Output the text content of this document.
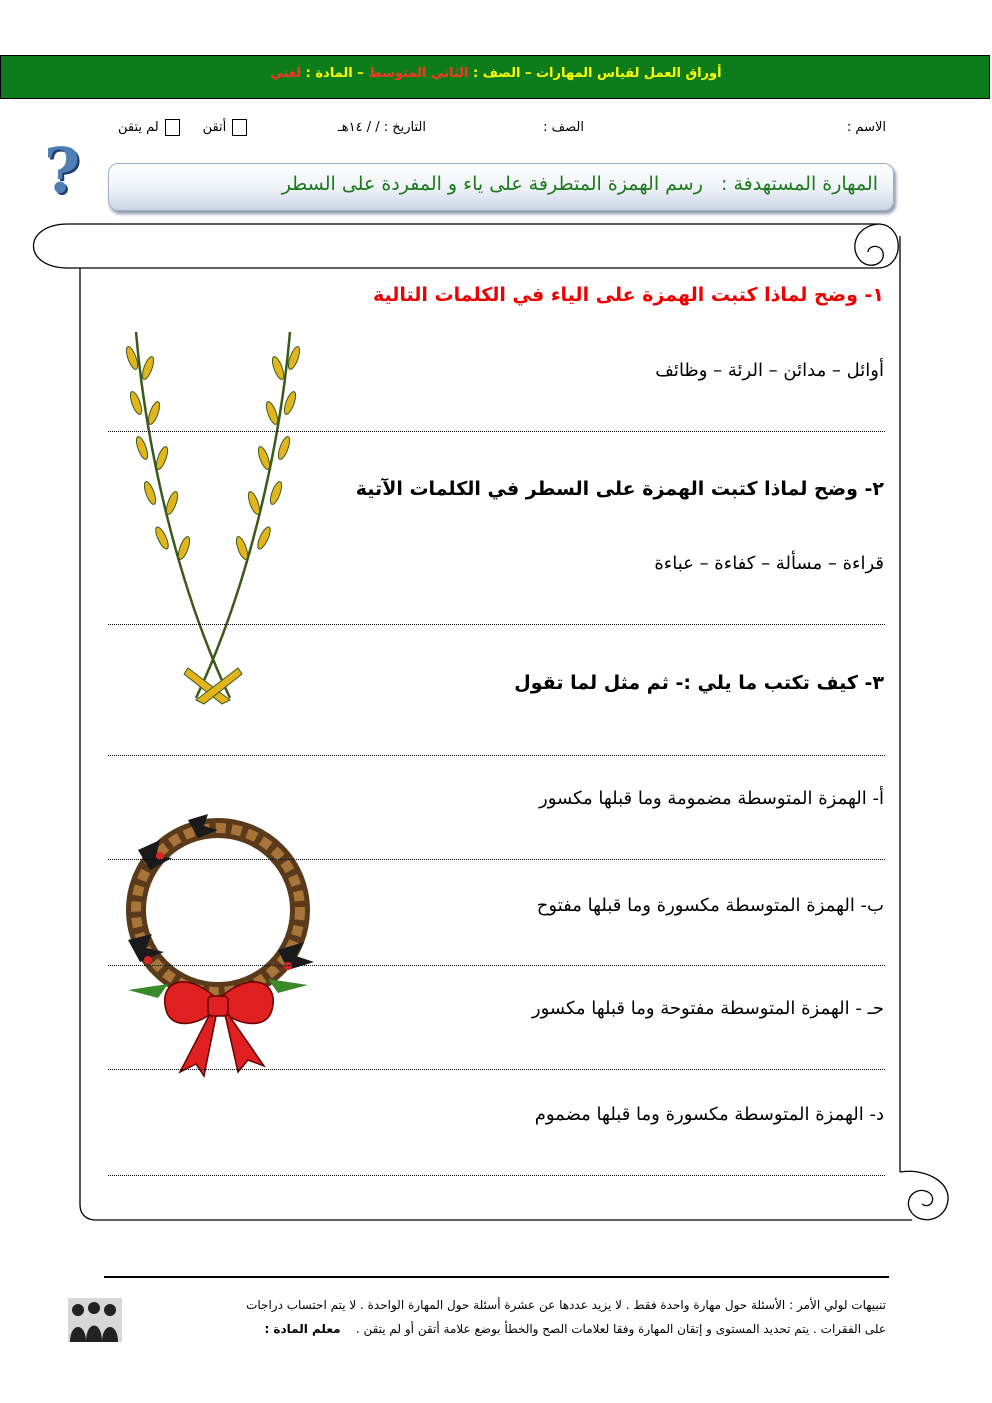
أوراق العمل لقياس المهارات – الصف : الثاني المتوسط – المادة : لغتي
الاسم :
الصف :
التاريخ : / / ١٤هـ
أتقن      لم يتقن
?	المهارة المستهدفة :   رسم الهمزة المتطرفة على ياء و المفردة على السطر
١- وضح لماذا كتبت الهمزة على الياء في الكلمات التالية
أوائل – مدائن – الرئة – وظائف
٢- وضح لماذا كتبت الهمزة على السطر في الكلمات الآتية
قراءة – مسألة – كفاءة – عباءة
٣- كيف تكتب ما يلي :- ثم مثل لما تقول
أ- الهمزة المتوسطة مضمومة وما قبلها مكسور
ب- الهمزة المتوسطة مكسورة وما قبلها مفتوح
حـ - الهمزة المتوسطة مفتوحة وما قبلها مكسور
د- الهمزة المتوسطة مكسورة وما قبلها مضموم
تنبيهات لولي الأمر : الأسئلة حول مهارة واحدة فقط . لا يزيد عددها عن عشرة أسئلة حول المهارة الواحدة . لا يتم احتساب دراجات
على الفقرات . يتم تحديد المستوى و إتقان المهارة وفقا لعلامات الصح والخطأ بوضع علامة أتقن أو لم يتقن .    معلم المادة :
